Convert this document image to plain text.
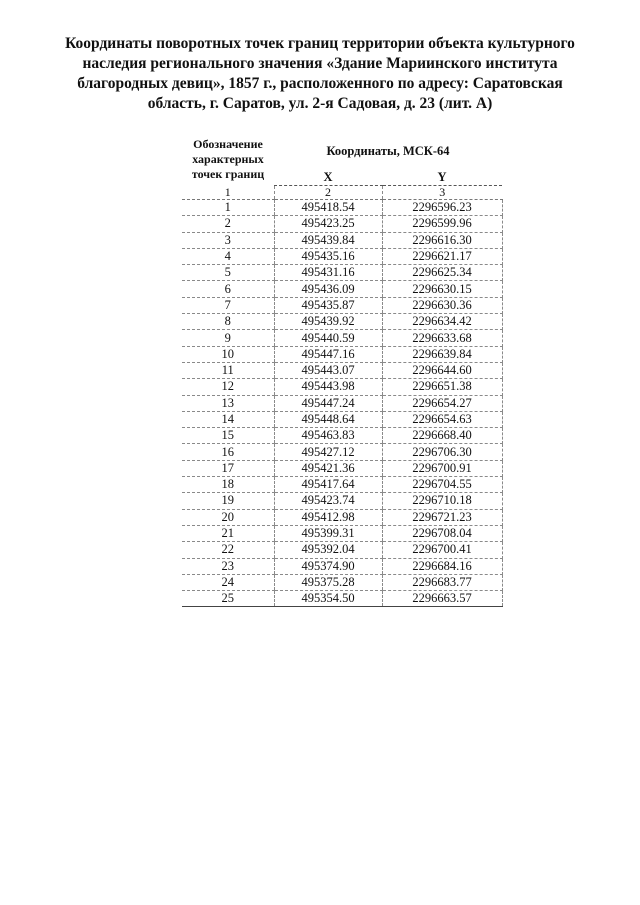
Координаты поворотных точек границ территории объекта культурного
наследия регионального значения «Здание Мариинского института
благородных девиц», 1857 г., расположенного по адресу: Саратовская
область, г. Саратов, ул. 2-я Садовая, д. 23 (лит. А)
Обозначение
характерных
точек границ	Координаты, МСК-64	
	X	Y
1	2	3
1	495418.54	2296596.23
2	495423.25	2296599.96
3	495439.84	2296616.30
4	495435.16	2296621.17
5	495431.16	2296625.34
6	495436.09	2296630.15
7	495435.87	2296630.36
8	495439.92	2296634.42
9	495440.59	2296633.68
10	495447.16	2296639.84
11	495443.07	2296644.60
12	495443.98	2296651.38
13	495447.24	2296654.27
14	495448.64	2296654.63
15	495463.83	2296668.40
16	495427.12	2296706.30
17	495421.36	2296700.91
18	495417.64	2296704.55
19	495423.74	2296710.18
20	495412.98	2296721.23
21	495399.31	2296708.04
22	495392.04	2296700.41
23	495374.90	2296684.16
24	495375.28	2296683.77
25	495354.50	2296663.57
